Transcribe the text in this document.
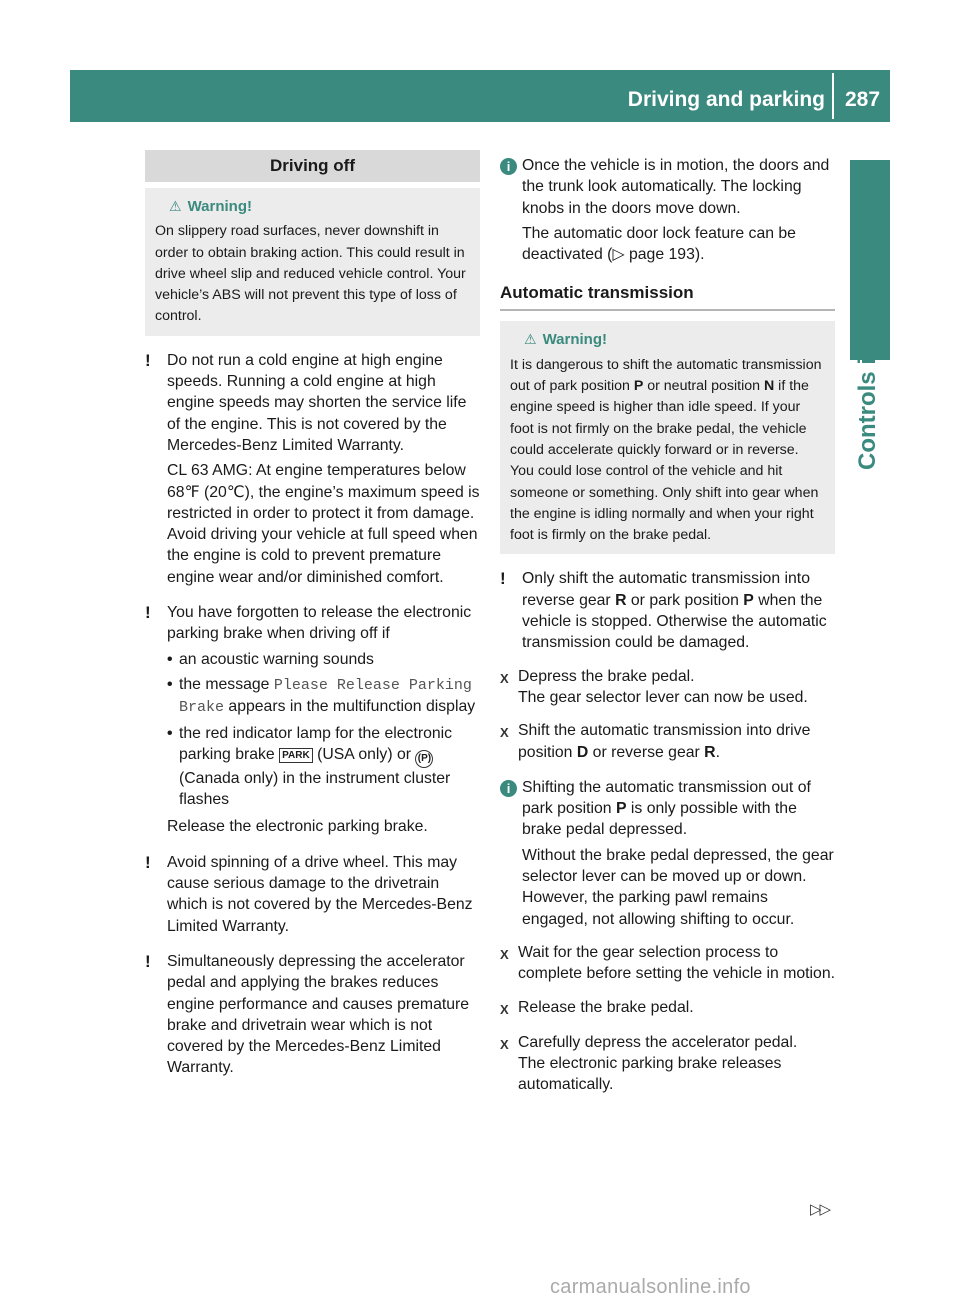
Driving and parking 287
Controls in detail
Driving off
⚠ Warning!

On slippery road surfaces, never downshift in order to obtain braking action. This could result in drive wheel slip and reduced vehicle control. Your vehicle’s ABS will not prevent this type of loss of control.

!	Do not run a cold engine at high engine speeds. Running a cold engine at high engine speeds may shorten the service life of the engine. This is not covered by the Mercedes-Benz Limited Warranty.

CL 63 AMG: At engine temperatures below 68℉ (20℃), the engine’s maximum speed is restricted in order to protect it from damage. Avoid driving your vehicle at full speed when the engine is cold to prevent premature engine wear and/or diminished comfort.

!	You have forgotten to release the electronic parking brake when driving off if

• an acoustic warning sounds
• the message Please Release Parking Brake appears in the multifunction display
• the red indicator lamp for the electronic parking brake PARK (USA only) or (P) (Canada only) in the instrument cluster flashes

Release the electronic parking brake.

!	Avoid spinning of a drive wheel. This may cause serious damage to the drivetrain which is not covered by the Mercedes-Benz Limited Warranty.

!	Simultaneously depressing the accelerator pedal and applying the brakes reduces engine performance and causes premature brake and drivetrain wear which is not covered by the Mercedes-Benz Limited Warranty.

i Once the vehicle is in motion, the doors and the trunk look automatically. The locking knobs in the doors move down.

The automatic door lock feature can be deactivated (▷ page 193).

Automatic transmission
⚠ Warning!

It is dangerous to shift the automatic transmission out of park position P or neutral position N if the engine speed is higher than idle speed. If your foot is not firmly on the brake pedal, the vehicle could accelerate quickly forward or in reverse. You could lose control of the vehicle and hit someone or something. Only shift into gear when the engine is idling normally and when your right foot is firmly on the brake pedal.

!	Only shift the automatic transmission into reverse gear R or park position P when the vehicle is stopped. Otherwise the automatic transmission could be damaged.

X Depress the brake pedal.

The gear selector lever can now be used.

X Shift the automatic transmission into drive position D or reverse gear R.

i Shifting the automatic transmission out of park position P is only possible with the brake pedal depressed.

Without the brake pedal depressed, the gear selector lever can be moved up or down. However, the parking pawl remains engaged, not allowing shifting to occur.

X Wait for the gear selection process to complete before setting the vehicle in motion.

X Release the brake pedal.

X Carefully depress the accelerator pedal.

The electronic parking brake releases automatically.

▷▷
carmanualsonline.info
